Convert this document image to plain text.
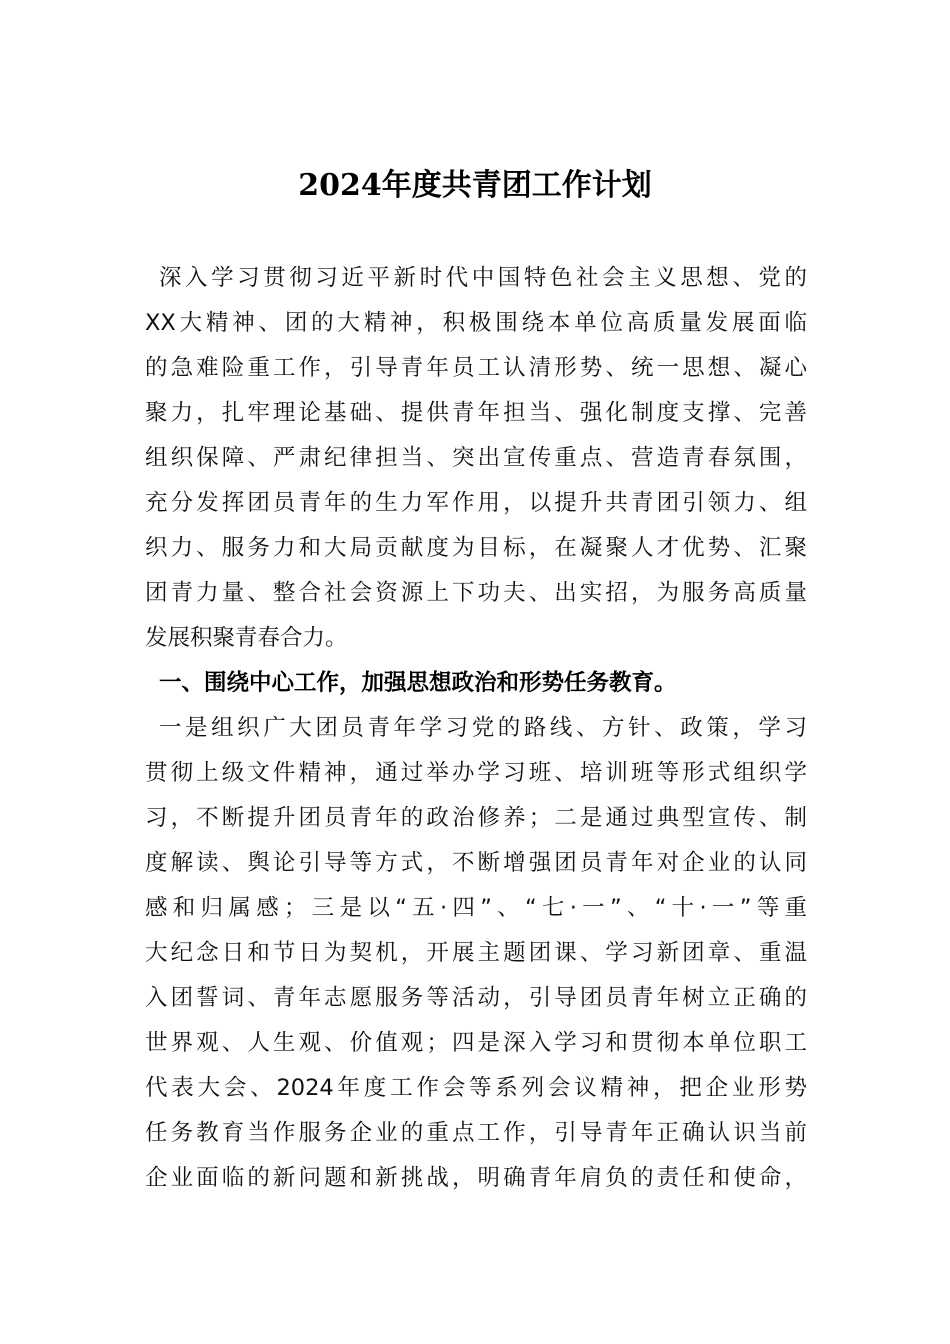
2024年度共青团工作计划
深入学习贯彻习近平新时代中国特色社会主义思想、党的
XX大精神、团的大精神，积极围绕本单位高质量发展面临
的急难险重工作，引导青年员工认清形势、统一思想、凝心
聚力，扎牢理论基础、提供青年担当、强化制度支撑、完善
组织保障、严肃纪律担当、突出宣传重点、营造青春氛围，
充分发挥团员青年的生力军作用，以提升共青团引领力、组
织力、服务力和大局贡献度为目标，在凝聚人才优势、汇聚
团青力量、整合社会资源上下功夫、出实招，为服务高质量
发展积聚青春合力。
一、围绕中心工作，加强思想政治和形势任务教育。
一是组织广大团员青年学习党的路线、方针、政策，学习
贯彻上级文件精神，通过举办学习班、培训班等形式组织学
习，不断提升团员青年的政治修养；二是通过典型宣传、制
度解读、舆论引导等方式，不断增强团员青年对企业的认同
感和归属感；三是以“五·四”、“七·一”、“十·一”等重
大纪念日和节日为契机，开展主题团课、学习新团章、重温
入团誓词、青年志愿服务等活动，引导团员青年树立正确的
世界观、人生观、价值观；四是深入学习和贯彻本单位职工
代表大会、2024年度工作会等系列会议精神，把企业形势
任务教育当作服务企业的重点工作，引导青年正确认识当前
企业面临的新问题和新挑战，明确青年肩负的责任和使命，
